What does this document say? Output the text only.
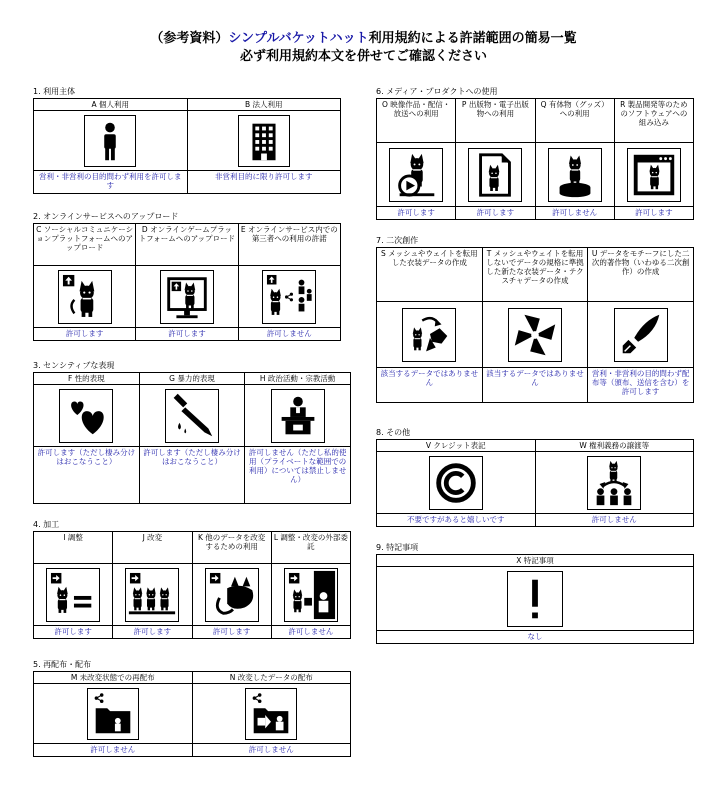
（参考資料）シンプルバケットハット利用規約による許諾範囲の簡易一覧
必ず利用規約本文を併せてご確認ください
1. 利用主体
A 個人利用
営利・非営利の目的問わず利用を許可します
B 法人利用
非営利目的に限り許可します
2. オンラインサービスへのアップロード
C ソーシャルコミュニケーションプラットフォームへのアップロード
許可します
D オンラインゲームプラットフォームへのアップロード
許可します
E オンラインサービス内での第三者への利用の許諾
許可しません
3. センシティブな表現
F 性的表現
許可します（ただし棲み分けはおこなうこと）
G 暴力的表現
許可します（ただし棲み分けはおこなうこと）
H 政治活動・宗教活動
許可しません（ただし私的使用（プライベートな範囲での利用）については禁止しません）
4. 加工
I 調整
許可します
J 改変
許可します
K 他のデータを改変するための利用
許可します
L 調整・改変の外部委託
許可しません
5. 再配布・配布
M 未改変状態での再配布
許可しません
N 改変したデータの配布
許可しません
6. メディア・プロダクトへの使用
O 映像作品・配信・放送への利用
許可します
P 出版物・電子出版物への利用
許可します
Q 有体物（グッズ）への利用
許可しません
R 製品開発等のためのソフトウェアへの組み込み
許可します
7. 二次創作
S メッシュやウェイトを転用した衣装データの作成
該当するデータではありません
T メッシュやウェイトを転用しないでデータの規格に準拠した新たな衣装データ・テクスチャデータの作成
該当するデータではありません
U データをモチーフにした二次的著作物（いわゆる二次創作）の作成
営利・非営利の目的問わず配布等（頒布、送信を含む）を許可します
8. その他
V クレジット表記
不要ですがあると嬉しいです
W 権利義務の譲渡等
許可しません
9. 特記事項
X 特記事項
なし
